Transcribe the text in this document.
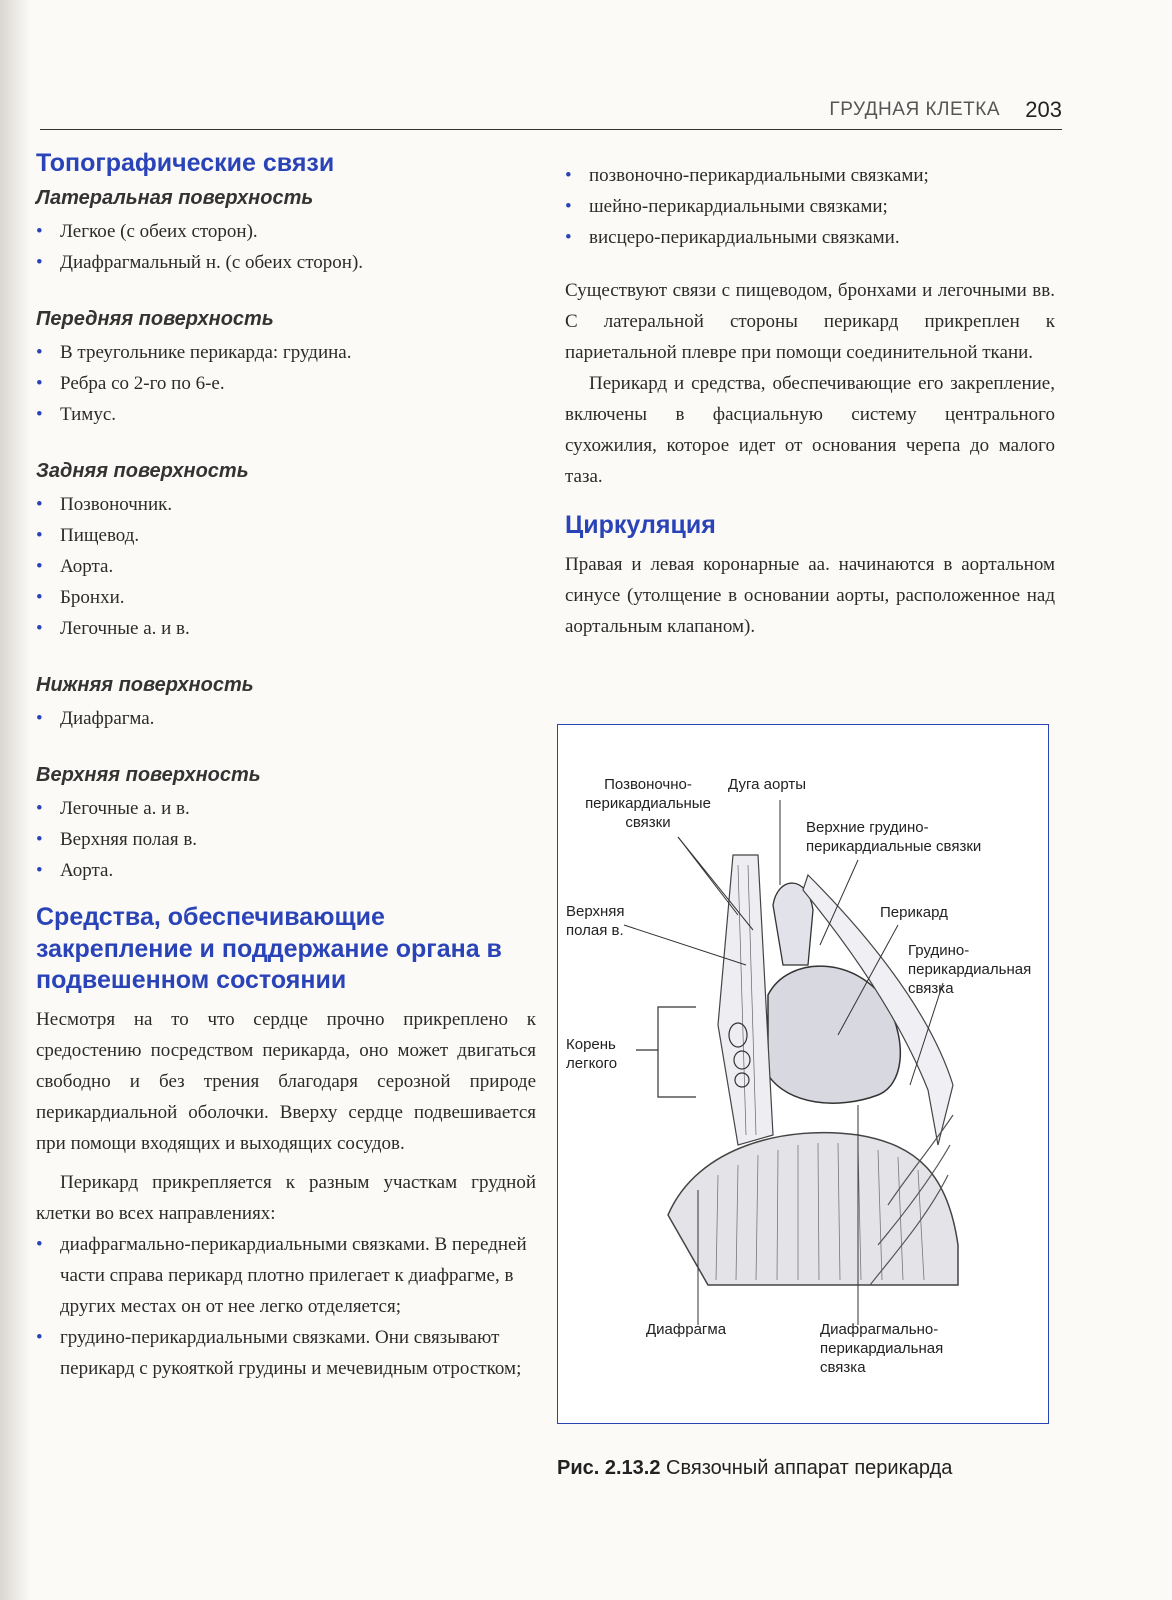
ГРУДНАЯ КЛЕТКА 203
Топографические связи
Латеральная поверхность
• Легкое (с обеих сторон).
• Диафрагмальный н. (с обеих сторон).
Передняя поверхность
• В треугольнике перикарда: грудина.
• Ребра со 2-го по 6-е.
• Тимус.
Задняя поверхность
• Позвоночник.
• Пищевод.
• Аорта.
• Бронхи.
• Легочные а. и в.
Нижняя поверхность
• Диафрагма.
Верхняя поверхность
• Легочные а. и в.
• Верхняя полая в.
• Аорта.
Средства, обеспечивающие закрепление и поддержание органа в подвешенном состоянии

Несмотря на то что сердце прочно прикреплено к средостению посредством перикарда, оно может двигаться свободно и без трения благодаря серозной природе перикардиальной оболочки. Вверху сердце подвешивается при помощи входящих и выходящих сосудов.

Перикард прикрепляется к разным участкам грудной клетки во всех направлениях:

• диафрагмально-перикардиальными связками. В передней части справа перикард плотно прилегает к диафрагме, в других местах он от нее легко отделяется;
• грудино-перикардиальными связками. Они связывают перикард с рукояткой грудины и мечевидным отростком;
• позвоночно-перикардиальными связками;
• шейно-перикардиальными связками;
• висцеро-перикардиальными связками.

Существуют связи с пищеводом, бронхами и легочными вв. С латеральной стороны перикард прикреплен к париетальной плевре при помощи соединительной ткани.

Перикард и средства, обеспечивающие его закрепление, включены в фасциальную систему центрального сухожилия, которое идет от основания черепа до малого таза.

Циркуляция

Правая и левая коронарные аа. начинаются в аортальном синусе (утолщение в основании аорты, расположенное над аортальным клапаном).

Позвоночно-
перикардиальные
связки
Дуга аорты
Верхние грудино-
перикардиальные связки
Верхняя
полая в.
Перикард
Грудино-
перикардиальная
связка
Корень
легкого
Диафрагма	Диафрагмально-
перикардиальная
связка
Рис. 2.13.2 Связочный аппарат перикарда
